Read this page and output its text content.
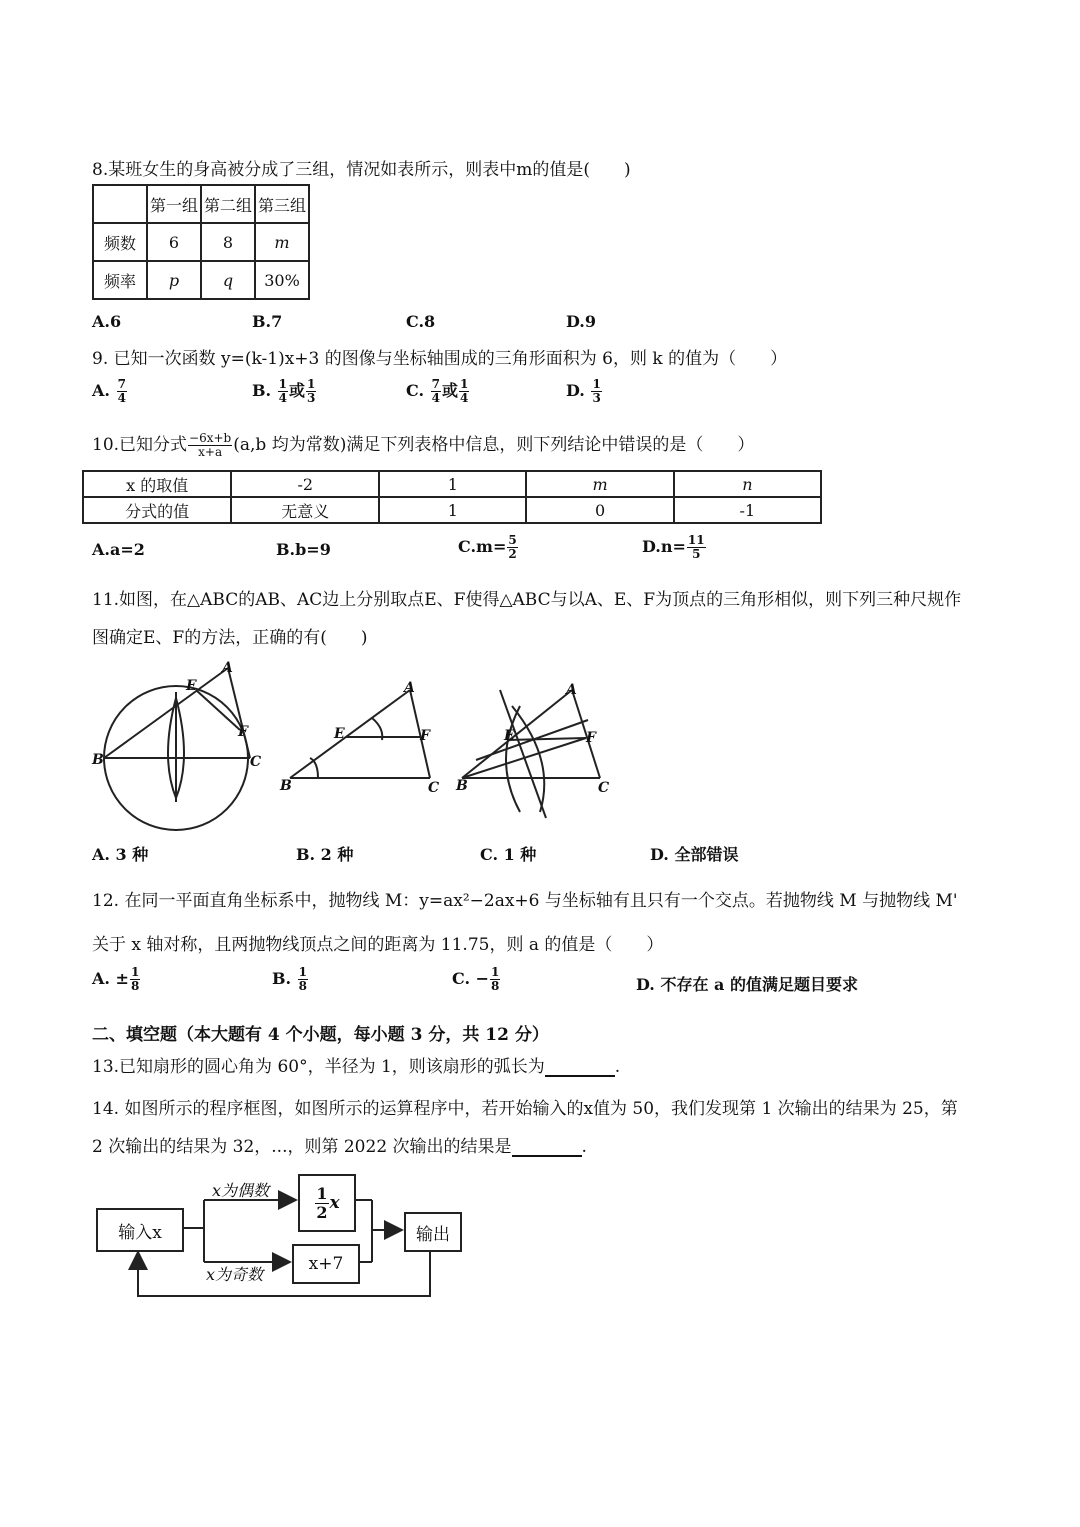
8.某班女生的身高被分成了三组，情况如表所示，则表中m的值是(　　)
	第一组	第二组	第三组
频数	6	8	m
频率	p	q	30%
A.6	B.7	C.8	D.9
9. 已知一次函数 y=(k-1)x+3 的图像与坐标轴围成的三角形面积为 6，则 k 的值为（　　）
A. $\frac{7}{4}$	B. $\frac{1}{4}$ 或 $\frac{1}{3}$	C. $\frac{7}{4}$ 或 $\frac{1}{4}$	D. $\frac{1}{3}$
10.已知分式 $\frac{-6x+b}{x+a} (a,b$ 均为常数)满足下列表格中信息，则下列结论中错误的是（　　）
x 的取值	-2	1	m	n
分式的值	无意义	1	0	-1
A.a=2	B.b=9	$C.m= \frac{5}{2}$	$D.n= \frac{11}{5}$
11.如图，在△ABC的AB、AC边上分别取点E、F使得△ABC与以A、E、F为顶点的三角形相似，则下列三种尺规作
图确定E、F的方法，正确的有(　　)
B
A
E
F
C
B
A
E	F
C B
A
E	F
C
A. 3 种	B. 2 种	C. 1 种	D. 全部错误
12. 在同一平面直角坐标系中，抛物线 M：y=ax²−2ax+6 与坐标轴有且只有一个交点。若抛物线 M 与抛物线 M'
关于 x 轴对称，且两抛物线顶点之间的距离为 11.75，则 a 的值是（　　）
A. ± $\frac{1}{8}$	B. $\frac{1}{8}$	C. − $\frac{1}{8}$	D. 不存在 a 的值满足题目要求
二、填空题（本大题有 4 个小题，每小题 3 分，共 12 分）
13.已知扇形的圆心角为 60°，半径为 1，则该扇形的弧长为	.
14. 如图所示的程序框图，如图所示的运算程序中，若开始输入的x值为 50，我们发现第 1 次输出的结果为 25，第
2 次输出的结果为 32，...，则第 2022 次输出的结果是	.
输入x
x为偶数
x为奇数
$\frac{1}{2}$ x
x+7
输出
